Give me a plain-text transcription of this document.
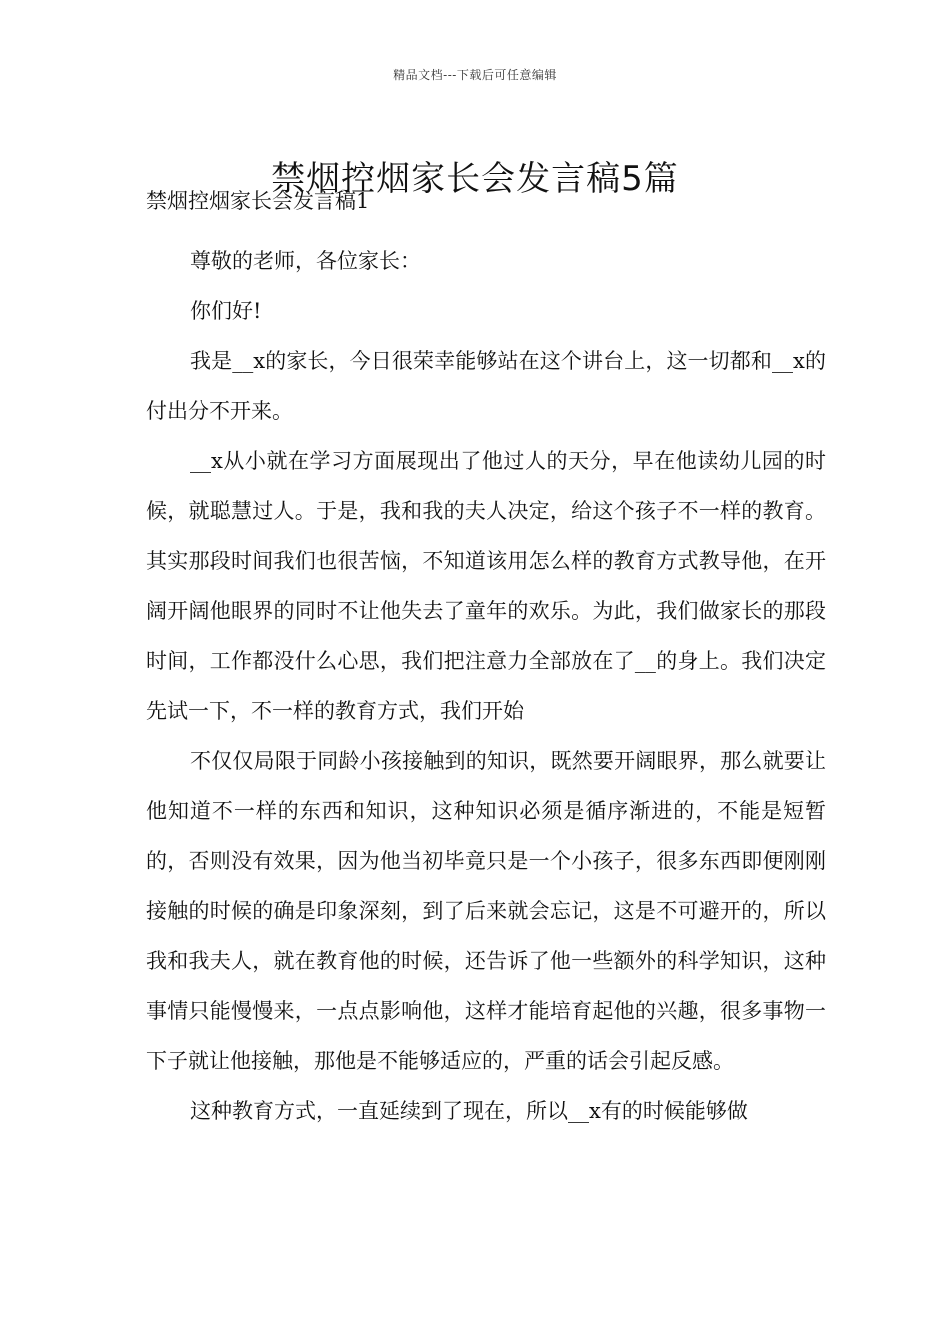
精品文档---下载后可任意编辑
禁烟控烟家长会发言稿5篇
禁烟控烟家长会发言稿1

尊敬的老师，各位家长：

你们好!

我是__x的家长，今日很荣幸能够站在这个讲台上，这一切都和__x的付出分不开来。

__x从小就在学习方面展现出了他过人的天分，早在他读幼儿园的时候，就聪慧过人。于是，我和我的夫人决定，给这个孩子不一样的教育。其实那段时间我们也很苦恼，不知道该用怎么样的教育方式教导他，在开阔开阔他眼界的同时不让他失去了童年的欢乐。为此，我们做家长的那段时间，工作都没什么心思，我们把注意力全部放在了__的身上。我们决定先试一下，不一样的教育方式，我们开始

不仅仅局限于同龄小孩接触到的知识，既然要开阔眼界，那么就要让他知道不一样的东西和知识，这种知识必须是循序渐进的，不能是短暂的，否则没有效果，因为他当初毕竟只是一个小孩子，很多东西即便刚刚接触的时候的确是印象深刻，到了后来就会忘记，这是不可避开的，所以我和我夫人，就在教育他的时候，还告诉了他一些额外的科学知识，这种事情只能慢慢来，一点点影响他，这样才能培育起他的兴趣，很多事物一下子就让他接触，那他是不能够适应的，严重的话会引起反感。

这种教育方式，一直延续到了现在，所以__x有的时候能够做
